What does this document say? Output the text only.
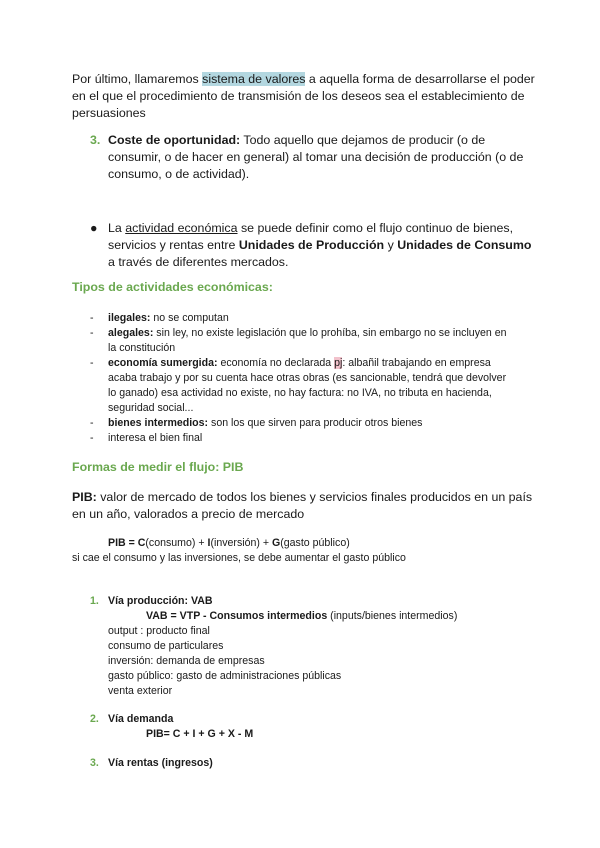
Por último, llamaremos sistema de valores a aquella forma de desarrollarse el poder
en el que el procedimiento de transmisión de los deseos sea el establecimiento de
persuasiones
3. Coste de oportunidad: Todo aquello que dejamos de producir (o de
consumir, o de hacer en general) al tomar una decisión de producción (o de
consumo, o de actividad).
● La actividad económica se puede definir como el flujo continuo de bienes,
servicios y rentas entre Unidades de Producción y Unidades de Consumo
a través de diferentes mercados.
Tipos de actividades económicas:
- ilegales: no se computan
- alegales: sin ley, no existe legislación que lo prohíba, sin embargo no se incluyen en
la constitución
- economía sumergida: economía no declarada pj: albañil trabajando en empresa
acaba trabajo y por su cuenta hace otras obras (es sancionable, tendrá que devolver
lo ganado) esa actividad no existe, no hay factura: no IVA, no tributa en hacienda,
seguridad social...
- bienes intermedios: son los que sirven para producir otros bienes
- interesa el bien final
Formas de medir el flujo: PIB
PIB: valor de mercado de todos los bienes y servicios finales producidos en un país
en un año, valorados a precio de mercado
PIB = C(consumo) + I(inversión) + G(gasto público)
si cae el consumo y las inversiones, se debe aumentar el gasto público
1. Vía producción: VAB
VAB = VTP - Consumos intermedios (inputs/bienes intermedios)
output : producto final
consumo de particulares
inversión: demanda de empresas
gasto público: gasto de administraciones públicas
venta exterior
2. Vía demanda
PIB= C + I + G + X - M
3. Vía rentas (ingresos)
